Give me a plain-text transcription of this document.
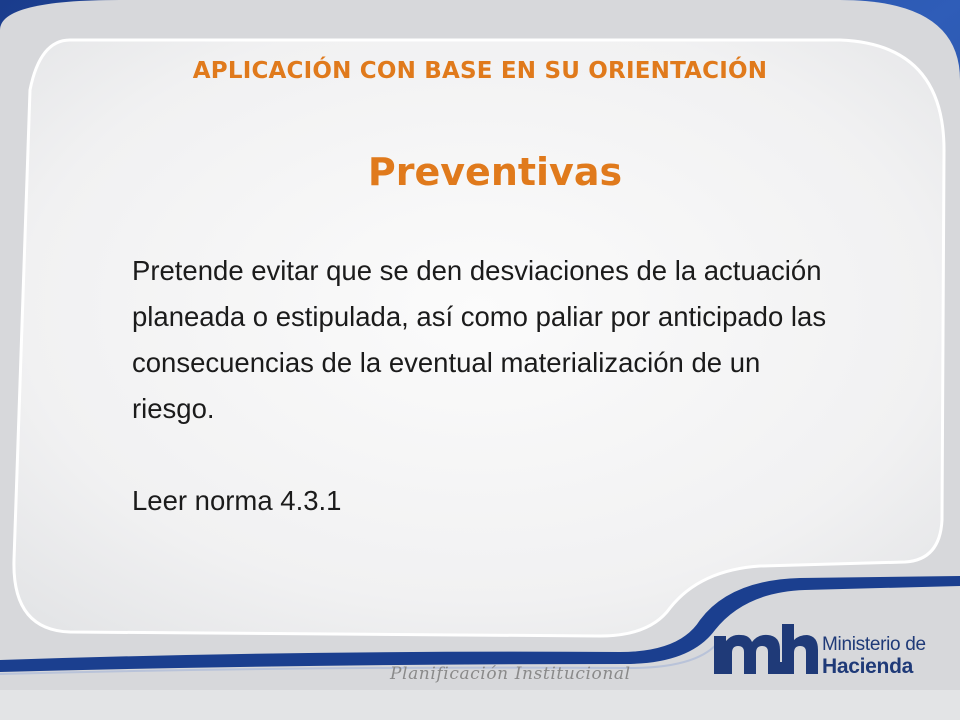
APLICACIÓN CON BASE EN SU ORIENTACIÓN
Preventivas

Pretende evitar que se den desviaciones de la actuación

planeada o estipulada, así como paliar por anticipado las

consecuencias de la eventual materialización de un

riesgo.

Leer norma 4.3.1

Planificación Institucional
Ministerio de
Hacienda
